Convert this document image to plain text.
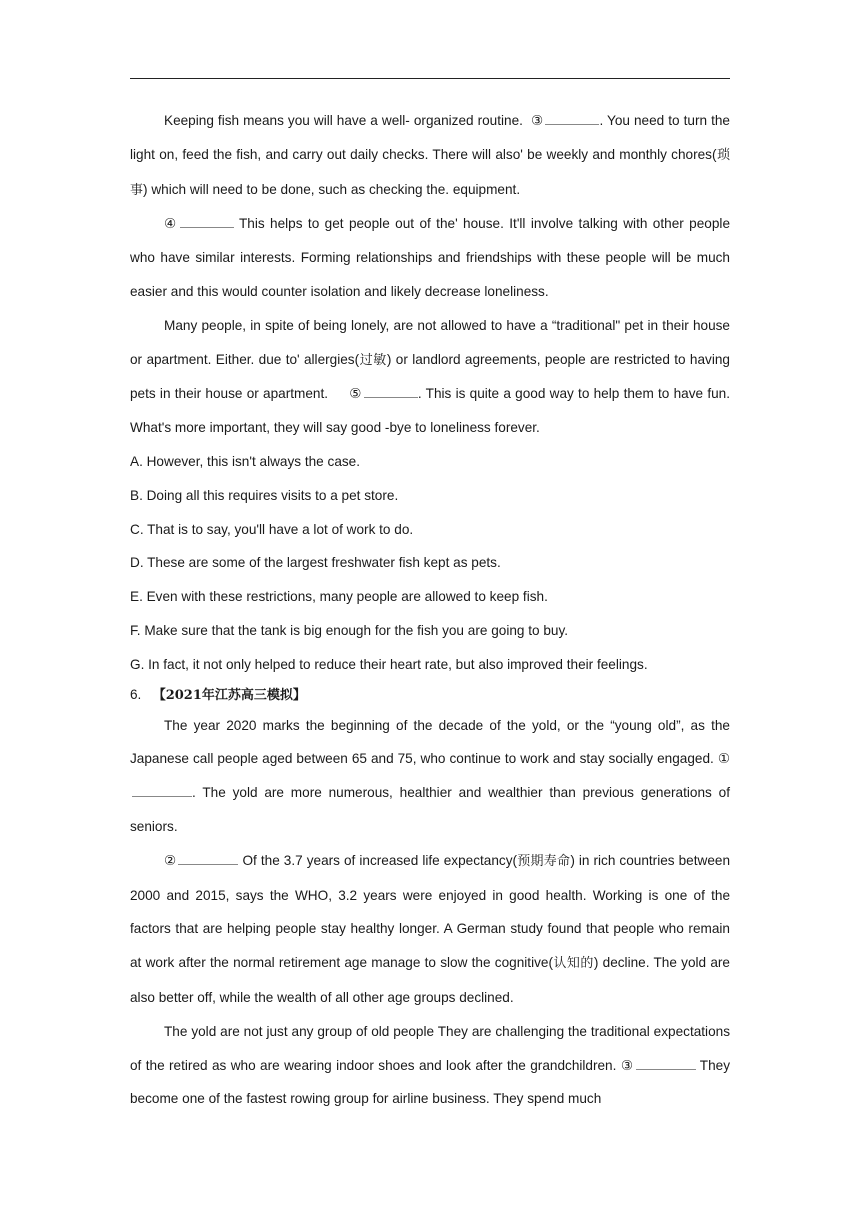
Keeping fish means you will have a well- organized routine. ③	. You need to turn the light on, feed the fish, and carry out daily checks. There will also' be weekly and monthly chores(琐事) which will need to be done, such as checking the. equipment.

④	This helps to get people out of the' house. It'll involve talking with other people who have similar interests. Forming relationships and friendships with these people will be much easier and this would counter isolation and likely decrease loneliness.

Many people, in spite of being lonely, are not allowed to have a “traditional" pet in their house or apartment. Either. due to' allergies(过敏) or landlord agreements, people are restricted to having pets in their house or apartment. ⑤	. This is quite a good way to help them to have fun. What's more important, they will say good -bye to loneliness forever.

A. However, this isn't always the case.

B. Doing all this requires visits to a pet store.

C. That is to say, you'll have a lot of work to do.

D. These are some of the largest freshwater fish kept as pets.

E. Even with these restrictions, many people are allowed to keep fish.

F. Make sure that the tank is big enough for the fish you are going to buy.

G. In fact, it not only helped to reduce their heart rate, but also improved their feelings.

6. 【2021年江苏高三模拟】

The year 2020 marks the beginning of the decade of the yold, or the “young old”, as the Japanese call people aged between 65 and 75, who continue to work and stay socially engaged. ①. The yold are more numerous, healthier and wealthier than previous generations of seniors.

②	Of the 3.7 years of increased life expectancy(预期寿命) in rich countries between 2000 and 2015, says the WHO, 3.2 years were enjoyed in good health. Working is one of the factors that are helping people stay healthy longer. A German study found that people who remain at work after the normal retirement age manage to slow the cognitive(认知的) decline. The yold are also better off, while the wealth of all other age groups declined.

The yold are not just any group of old people They are challenging the traditional expectations of the retired as who are wearing indoor shoes and look after the grandchildren. ③	They become one of the fastest rowing group for airline business. They spend much
